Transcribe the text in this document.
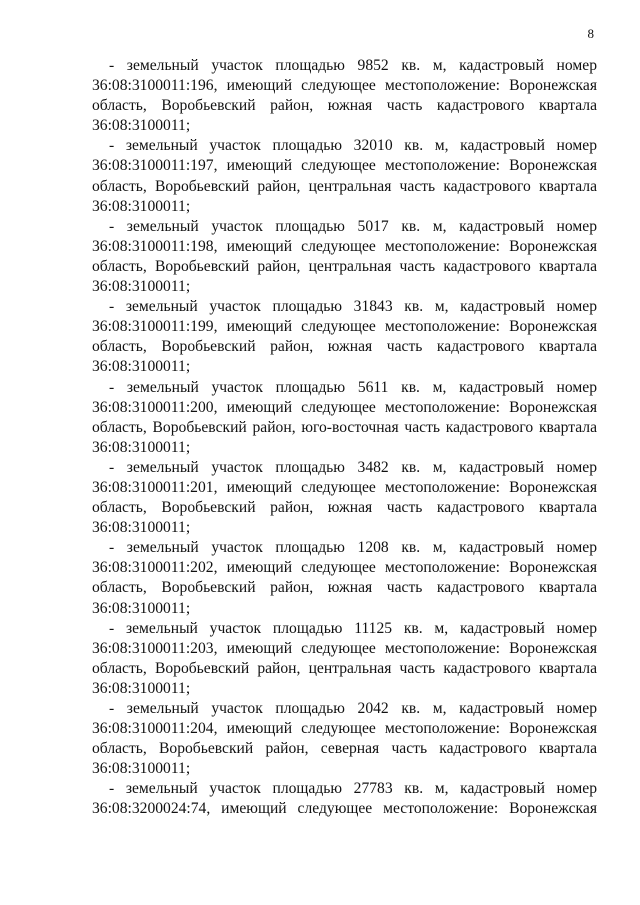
8
- земельный участок площадью 9852 кв. м, кадастровый номер
36:08:3100011:196, имеющий следующее местоположение: Воронежская
область, Воробьевский район, южная часть кадастрового квартала
36:08:3100011;
- земельный участок площадью 32010 кв. м, кадастровый номер
36:08:3100011:197, имеющий следующее местоположение: Воронежская
область, Воробьевский район, центральная часть кадастрового квартала
36:08:3100011;
- земельный участок площадью 5017 кв. м, кадастровый номер
36:08:3100011:198, имеющий следующее местоположение: Воронежская
область, Воробьевский район, центральная часть кадастрового квартала
36:08:3100011;
- земельный участок площадью 31843 кв. м, кадастровый номер
36:08:3100011:199, имеющий следующее местоположение: Воронежская
область, Воробьевский район, южная часть кадастрового квартала
36:08:3100011;
- земельный участок площадью 5611 кв. м, кадастровый номер
36:08:3100011:200, имеющий следующее местоположение: Воронежская
область, Воробьевский район, юго-восточная часть кадастрового квартала
36:08:3100011;
- земельный участок площадью 3482 кв. м, кадастровый номер
36:08:3100011:201, имеющий следующее местоположение: Воронежская
область, Воробьевский район, южная часть кадастрового квартала
36:08:3100011;
- земельный участок площадью 1208 кв. м, кадастровый номер
36:08:3100011:202, имеющий следующее местоположение: Воронежская
область, Воробьевский район, южная часть кадастрового квартала
36:08:3100011;
- земельный участок площадью 11125 кв. м, кадастровый номер
36:08:3100011:203, имеющий следующее местоположение: Воронежская
область, Воробьевский район, центральная часть кадастрового квартала
36:08:3100011;
- земельный участок площадью 2042 кв. м, кадастровый номер
36:08:3100011:204, имеющий следующее местоположение: Воронежская
область, Воробьевский район, северная часть кадастрового квартала
36:08:3100011;
- земельный участок площадью 27783 кв. м, кадастровый номер
36:08:3200024:74, имеющий следующее местоположение: Воронежская
